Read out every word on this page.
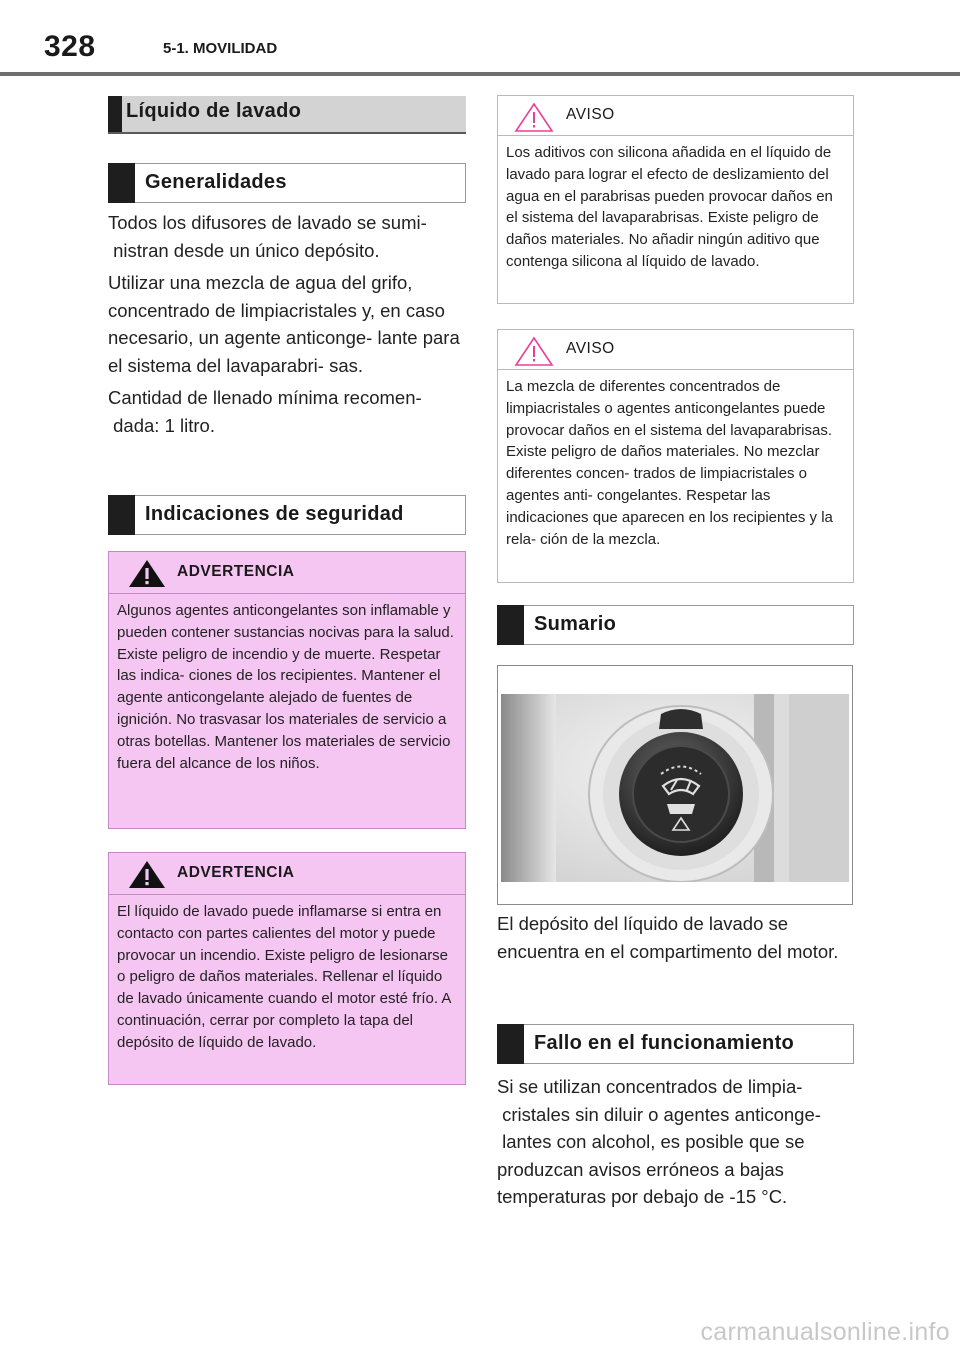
328	5-1. MOVILIDAD
Líquido de lavado
Generalidades

Todos los difusores de lavado se sumi- nistran desde un único depósito.

Utilizar una mezcla de agua del grifo, concentrado de limpiacristales y, en caso necesario, un agente anticonge- lante para el sistema del lavaparabri- sas.

Cantidad de llenado mínima recomen- dada: 1 litro.

Indicaciones de seguridad
ADVERTENCIA
Algunos agentes anticongelantes son inflamable y pueden contener sustancias nocivas para la salud. Existe peligro de incendio y de muerte. Respetar las indica- ciones de los recipientes. Mantener el agente anticongelante alejado de fuentes de ignición. No trasvasar los materiales de servicio a otras botellas. Mantener los materiales de servicio fuera del alcance de los niños.
ADVERTENCIA
El líquido de lavado puede inflamarse si entra en contacto con partes calientes del motor y puede provocar un incendio. Existe peligro de lesionarse o peligro de daños materiales. Rellenar el líquido de lavado únicamente cuando el motor esté frío. A continuación, cerrar por completo la tapa del depósito de líquido de lavado.
AVISO
Los aditivos con silicona añadida en el líquido de lavado para lograr el efecto de deslizamiento del agua en el parabrisas pueden provocar daños en el sistema del lavaparabrisas. Existe peligro de daños materiales. No añadir ningún aditivo que contenga silicona al líquido de lavado.
AVISO
La mezcla de diferentes concentrados de limpiacristales o agentes anticongelantes puede provocar daños en el sistema del lavaparabrisas. Existe peligro de daños materiales. No mezclar diferentes concen- trados de limpiacristales o agentes anti- congelantes. Respetar las indicaciones que aparecen en los recipientes y la rela- ción de la mezcla.
Sumario
El depósito del líquido de lavado se encuentra en el compartimento del motor.
Fallo en el funcionamiento
Si se utilizan concentrados de limpia- cristales sin diluir o agentes anticonge- lantes con alcohol, es posible que se produzcan avisos erróneos a bajas temperaturas por debajo de -15 °C.
carmanualsonline.info
